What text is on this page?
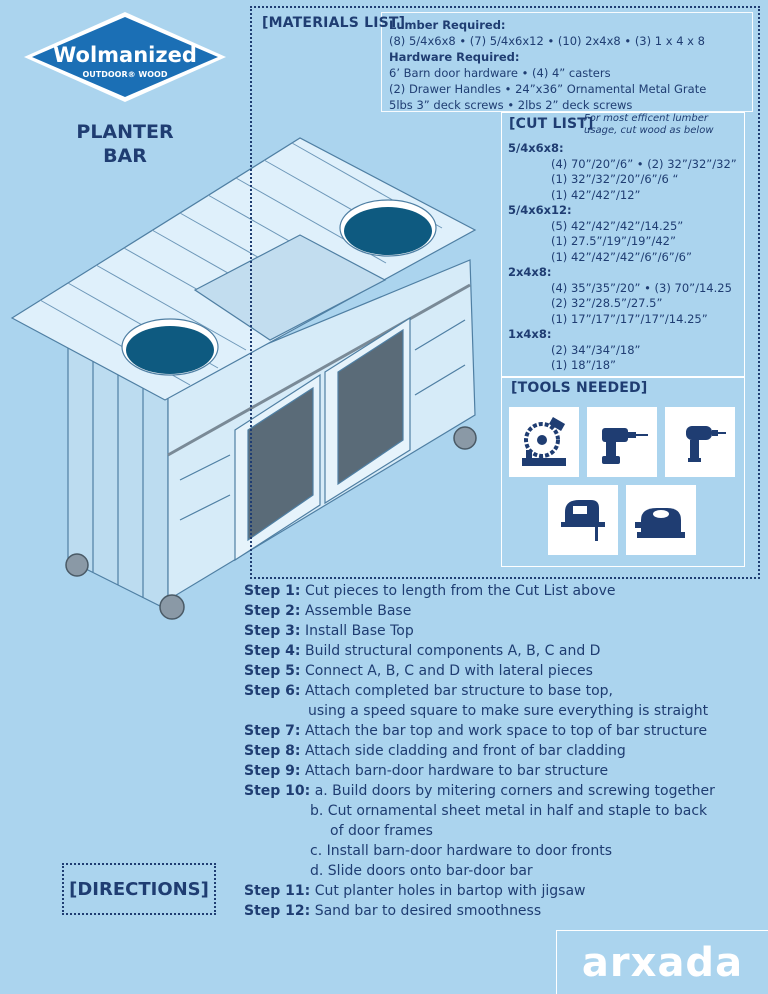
Wolmanized
OUTDOOR® WOOD
PLANTER BAR
[MATERIALS LIST]
Lumber Required:
(8) 5/4x6x8 • (7) 5/4x6x12 • (10) 2x4x8 • (3) 1 x 4 x 8
Hardware Required:
6’ Barn door hardware • (4) 4” casters
(2) Drawer Handles • 24”x36” Ornamental Metal Grate
5lbs 3” deck screws • 2lbs 2” deck screws
[CUT LIST]
For most efficent lumber usage, cut wood as below
5/4x6x8:
(4) 70”/20”/6” • (2) 32”/32”/32”
(1) 32”/32”/20”/6”/6 “
(1) 42”/42”/12”
5/4x6x12:
(5) 42”/42”/42”/14.25”
(1) 27.5”/19”/19”/42”
(1) 42”/42”/42”/6”/6”/6”
2x4x8:
(4) 35”/35”/20” • (3) 70”/14.25
(2) 32”/28.5”/27.5”
(1) 17”/17”/17”/17”/14.25”
1x4x8:
(2) 34”/34”/18”
(1) 18”/18”
[TOOLS NEEDED]
[DIRECTIONS]
Step 1: Cut pieces to length from the Cut List above
Step 2: Assemble Base
Step 3: Install Base Top
Step 4: Build structural components A, B, C and D
Step 5: Connect A, B, C and D with lateral pieces
Step 6: Attach completed bar structure to base top,
using a speed square to make sure everything is straight
Step 7: Attach the bar top and work space to top of bar structure
Step 8: Attach side cladding and front of bar cladding
Step 9: Attach barn-door hardware to bar structure
Step 10: a. Build doors by mitering corners and screwing together
b. Cut ornamental sheet metal in half and staple to back
of door frames
c. Install barn-door hardware to door fronts
d. Slide doors onto bar-door bar
Step 11: Cut planter holes in bartop with jigsaw
Step 12: Sand bar to desired smoothness
arxada
